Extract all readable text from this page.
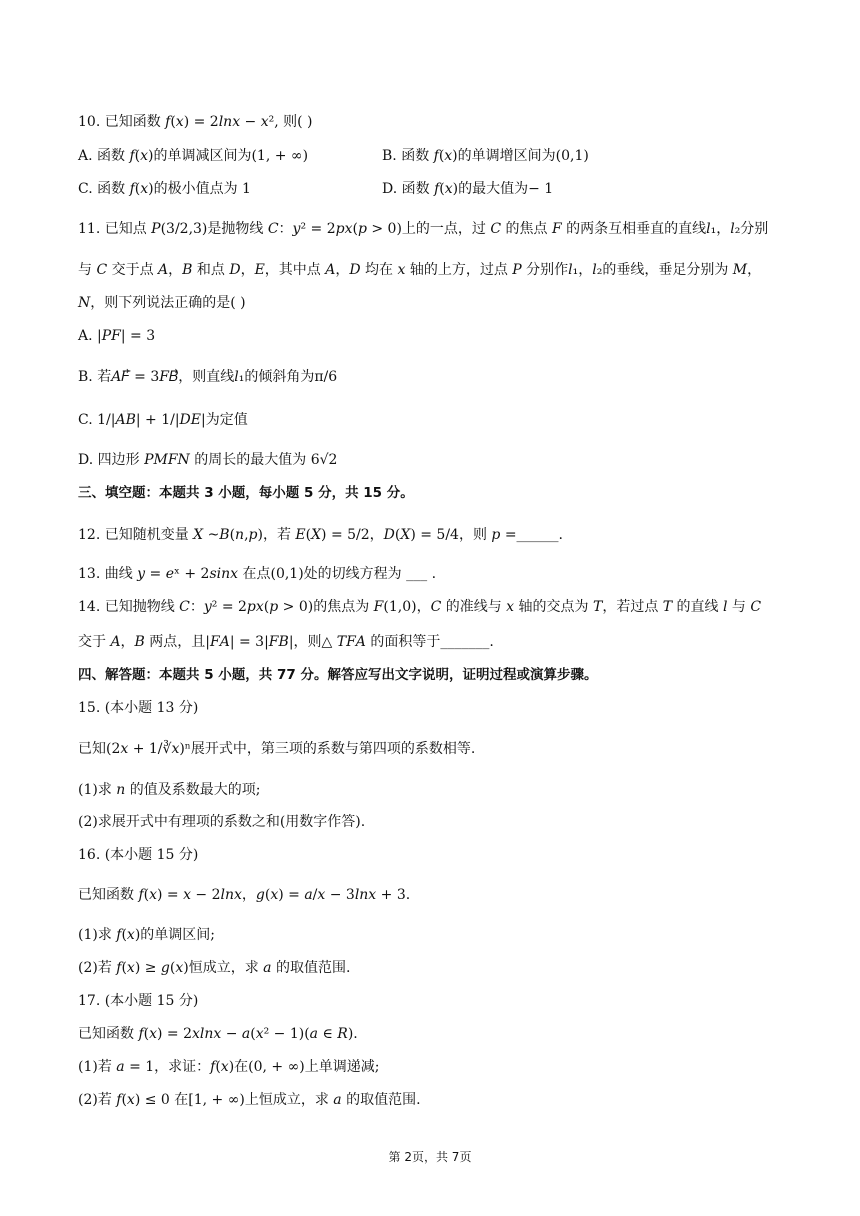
10. 已知函数 𝑓(𝑥) = 2𝑙𝑛𝑥 − 𝑥², 则( )
A. 函数 𝑓(𝑥)的单调减区间为(1, + ∞)	B. 函数 𝑓(𝑥)的单调增区间为(0,1)
C. 函数 𝑓(𝑥)的极小值点为 1	D. 函数 𝑓(𝑥)的最大值为− 1
11. 已知点 𝑃(3/2,3)是抛物线 𝐶：𝑦² = 2𝑝𝑥(𝑝 > 0)上的一点，过 𝐶 的焦点 𝐹 的两条互相垂直的直线𝑙₁，𝑙₂分别
与 𝐶 交于点 𝐴，𝐵 和点 𝐷，𝐸，其中点 𝐴，𝐷 均在 𝑥 轴的上方，过点 𝑃 分别作𝑙₁，𝑙₂的垂线，垂足分别为 𝑀，
𝑁，则下列说法正确的是( )
A. |𝑃𝐹| = 3
B. 若𝐴𝐹⃗ = 3𝐹𝐵⃗，则直线𝑙₁的倾斜角为π/6
C. 1/|𝐴𝐵| + 1/|𝐷𝐸|为定值
D. 四边形 𝑃𝑀𝐹𝑁 的周长的最大值为 6√2
三、填空题：本题共 3 小题，每小题 5 分，共 15 分。
12. 已知随机变量 𝑋 ~𝐵(𝑛,𝑝)，若 𝐸(𝑋) = 5/2，𝐷(𝑋) = 5/4，则 𝑝 =______.
13. 曲线 𝑦 = 𝑒ˣ + 2𝑠𝑖𝑛𝑥 在点(0,1)处的切线方程为 ___ .
14. 已知抛物线 𝐶：𝑦² = 2𝑝𝑥(𝑝 > 0)的焦点为 𝐹(1,0)，𝐶 的准线与 𝑥 轴的交点为 𝑇，若过点 𝑇 的直线 𝑙 与 𝐶
交于 𝐴，𝐵 两点，且|𝐹𝐴| = 3|𝐹𝐵|，则△ 𝑇𝐹𝐴 的面积等于_______.
四、解答题：本题共 5 小题，共 77 分。解答应写出文字说明，证明过程或演算步骤。
15. (本小题 13 分)
已知(2𝑥 + 1/∛𝑥)ⁿ展开式中，第三项的系数与第四项的系数相等.
(1)求 𝑛 的值及系数最大的项;
(2)求展开式中有理项的系数之和(用数字作答).
16. (本小题 15 分)
已知函数 𝑓(𝑥) = 𝑥 − 2𝑙𝑛𝑥，𝑔(𝑥) = 𝑎/𝑥 − 3𝑙𝑛𝑥 + 3.
(1)求 𝑓(𝑥)的单调区间;
(2)若 𝑓(𝑥) ≥ 𝑔(𝑥)恒成立，求 𝑎 的取值范围.
17. (本小题 15 分)
已知函数 𝑓(𝑥) = 2𝑥𝑙𝑛𝑥 − 𝑎(𝑥² − 1)(𝑎 ∈ 𝑅).
(1)若 𝑎 = 1，求证：𝑓(𝑥)在(0, + ∞)上单调递减;
(2)若 𝑓(𝑥) ≤ 0 在[1, + ∞)上恒成立，求 𝑎 的取值范围.
第 2页，共 7页
